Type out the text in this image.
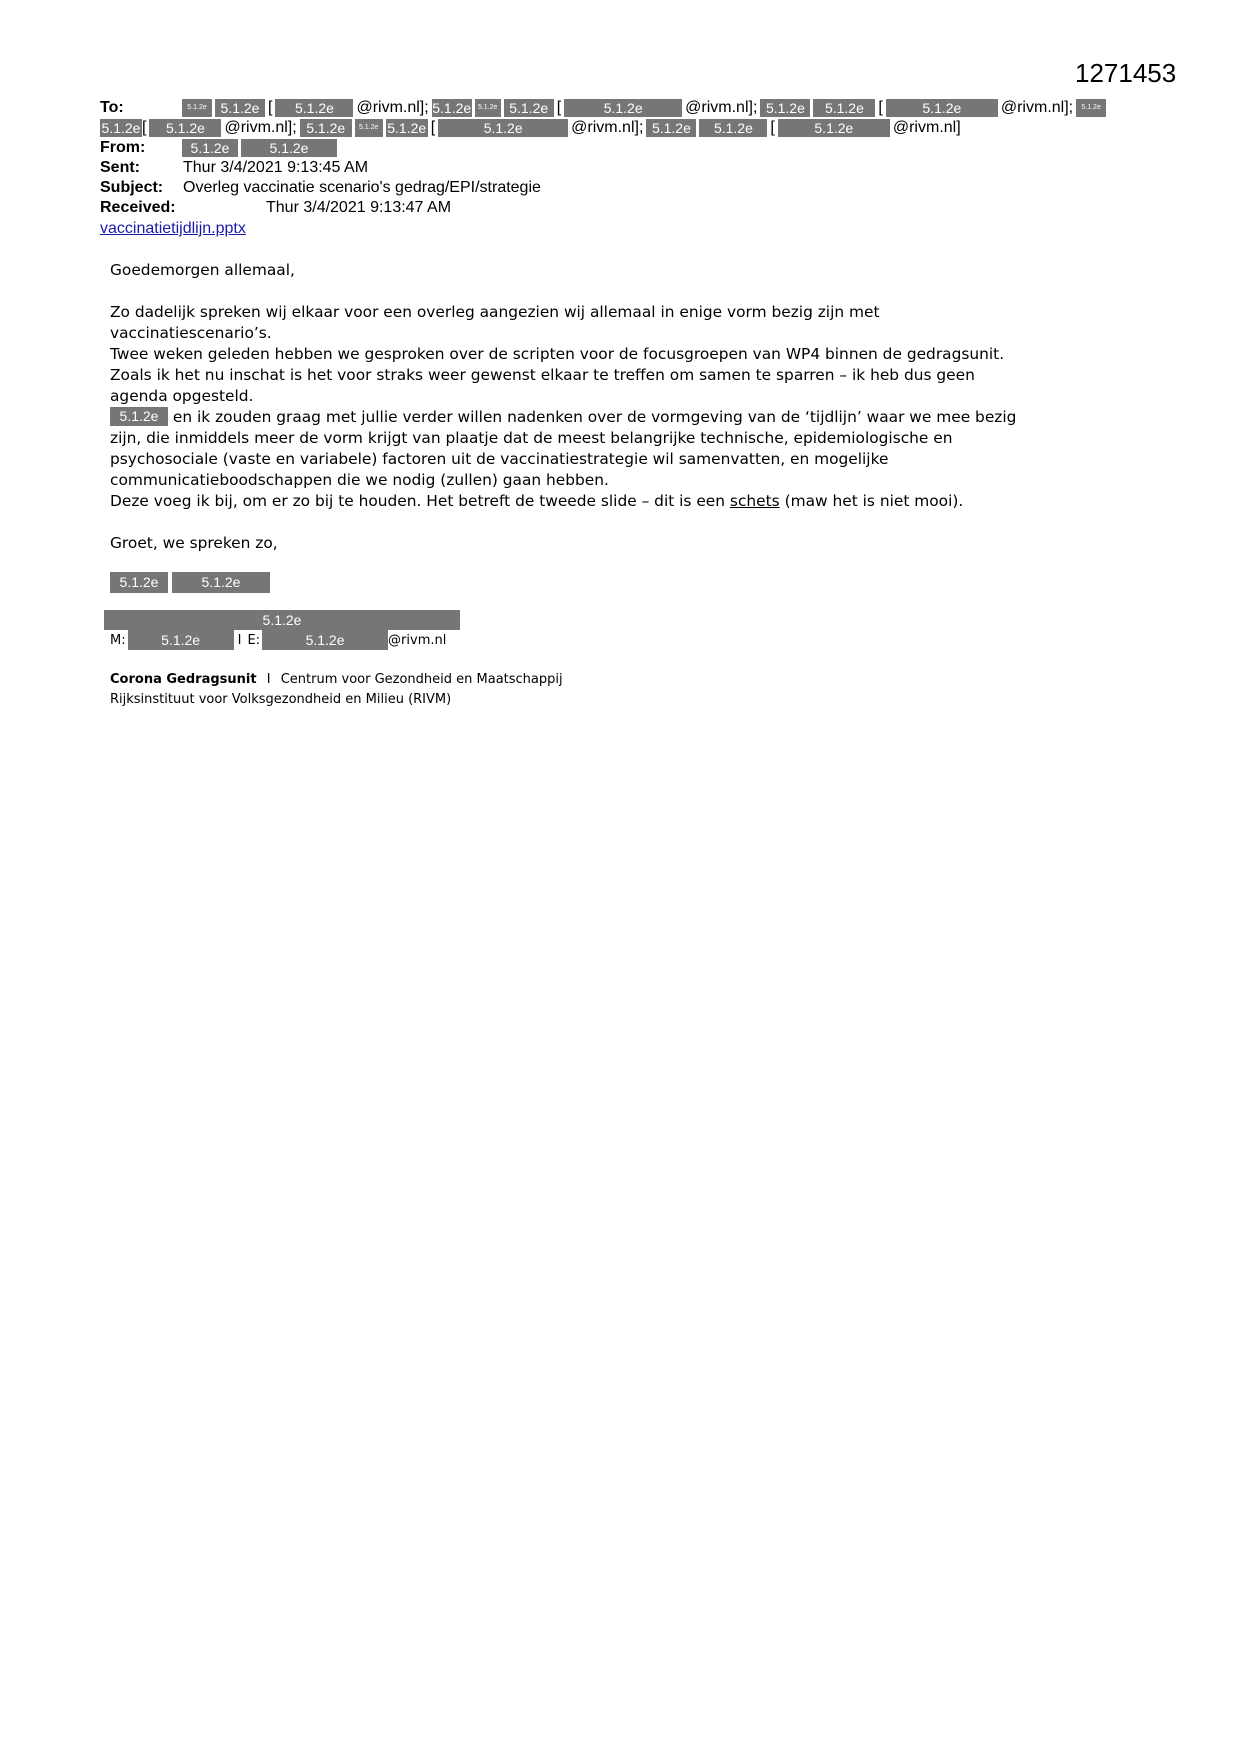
1271453
To:	5.1.2e 5.1.2e [	5.1.2e	@rivm.nl]; 5.1.2e 5.1.2e 5.1.2e [	5.1.2e	@rivm.nl]; 5.1.2e	5.1.2e [	5.1.2e	@rivm.nl];	5.1.2e
5.1.2e [	5.1.2e	@rivm.nl]; 5.1.2e	5.1.2e 5.1.2e [	5.1.2e	@rivm.nl]; 5.1.2e	5.1.2e	[	5.1.2e	@rivm.nl]
From:	5.1.2e	5.1.2e
Sent:	Thur 3/4/2021 9:13:45 AM
Subject: Overleg vaccinatie scenario's gedrag/EPI/strategie
Received:	Thur 3/4/2021 9:13:47 AM
vaccinatietijdlijn.pptx

Goedemorgen allemaal,

Zo dadelijk spreken wij elkaar voor een overleg aangezien wij allemaal in enige vorm bezig zijn met

vaccinatiescenario’s.

Twee weken geleden hebben we gesproken over de scripten voor de focusgroepen van WP4 binnen de gedragsunit.

Zoals ik het nu inschat is het voor straks weer gewenst elkaar te treffen om samen te sparren – ik heb dus geen

agenda opgesteld.

5.1.2e en ik zouden graag met jullie verder willen nadenken over de vormgeving van de ‘tijdlijn’ waar we mee bezig

zijn, die inmiddels meer de vorm krijgt van plaatje dat de meest belangrijke technische, epidemiologische en

psychosociale (vaste en variabele) factoren uit de vaccinatiestrategie wil samenvatten, en mogelijke

communicatieboodschappen die we nodig (zullen) gaan hebben.

Deze voeg ik bij, om er zo bij te houden. Het betreft de tweede slide – dit is een schets (maw het is niet mooi).

Groet, we spreken zo,

5.1.2e	5.1.2e
5.1.2e
M:	5.1.2e	I E:	5.1.2e	@rivm.nl
Corona Gedragsunit I Centrum voor Gezondheid en Maatschappij
Rijksinstituut voor Volksgezondheid en Milieu (RIVM)
